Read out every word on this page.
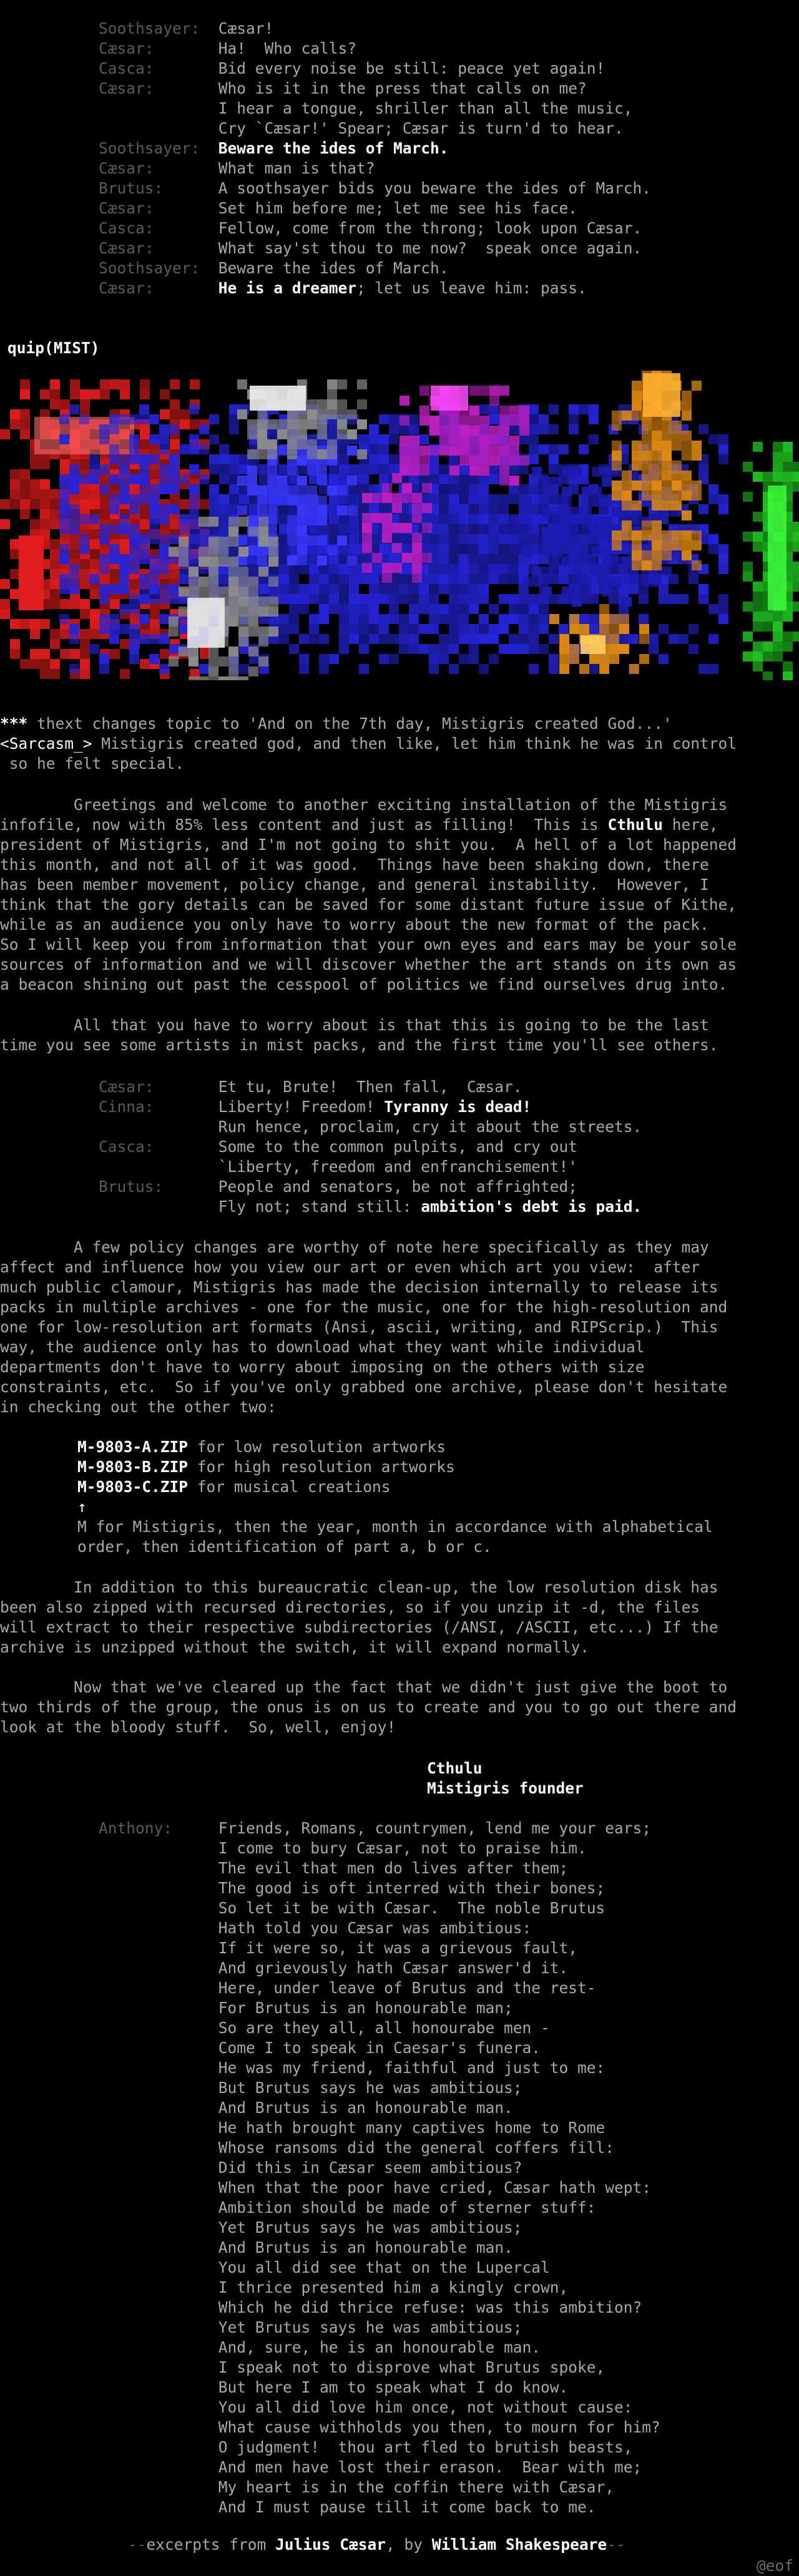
Soothsayer:  Cæsar!
Cæsar:       Ha!  Who calls?
Casca:       Bid every noise be still: peace yet again!
Cæsar:       Who is it in the press that calls on me?
I hear a tongue, shriller than all the music,
Cry `Cæsar!' Spear; Cæsar is turn'd to hear.
Soothsayer:  Beware the ides of March.
Cæsar:       What man is that?
Brutus:      A soothsayer bids you beware the ides of March.
Cæsar:       Set him before me; let me see his face.
Casca:       Fellow, come from the throng; look upon Cæsar.
Cæsar:       What say'st thou to me now?  speak once again.
Soothsayer:  Beware the ides of March.
Cæsar:       He is a dreamer; let us leave him: pass.
quip(MIST)
*** thext changes topic to 'And on the 7th day, Mistigris created God...'
<Sarcasm_> Mistigris created god, and then like, let him think he was in control
so he felt special.
Greetings and welcome to another exciting installation of the Mistigris
infofile, now with 85% less content and just as filling!  This is Cthulu here,
president of Mistigris, and I'm not going to shit you.  A hell of a lot happened
this month, and not all of it was good.  Things have been shaking down, there
has been member movement, policy change, and general instability.  However, I
think that the gory details can be saved for some distant future issue of Kithe,
while as an audience you only have to worry about the new format of the pack.
So I will keep you from information that your own eyes and ears may be your sole
sources of information and we will discover whether the art stands on its own as
a beacon shining out past the cesspool of politics we find ourselves drug into.
All that you have to worry about is that this is going to be the last
time you see some artists in mist packs, and the first time you'll see others.
Cæsar:       Et tu, Brute!  Then fall,  Cæsar.
Cinna:       Liberty! Freedom! Tyranny is dead!
Run hence, proclaim, cry it about the streets.
Casca:       Some to the common pulpits, and cry out
`Liberty, freedom and enfranchisement!'
Brutus:      People and senators, be not affrighted;
Fly not; stand still: ambition's debt is paid.
A few policy changes are worthy of note here specifically as they may
affect and influence how you view our art or even which art you view:  after
much public clamour, Mistigris has made the decision internally to release its
packs in multiple archives - one for the music, one for the high-resolution and
one for low-resolution art formats (Ansi, ascii, writing, and RIPScrip.)  This
way, the audience only has to download what they want while individual
departments don't have to worry about imposing on the others with size
constraints, etc.  So if you've only grabbed one archive, please don't hesitate
in checking out the other two:
M-9803-A.ZIP for low resolution artworks
M-9803-B.ZIP for high resolution artworks
M-9803-C.ZIP for musical creations
↑
M for Mistigris, then the year, month in accordance with alphabetical
order, then identification of part a, b or c.
In addition to this bureaucratic clean-up, the low resolution disk has
been also zipped with recursed directories, so if you unzip it -d, the files
will extract to their respective subdirectories (/ANSI, /ASCII, etc...) If the
archive is unzipped without the switch, it will expand normally.
Now that we've cleared up the fact that we didn't just give the boot to
two thirds of the group, the onus is on us to create and you to go out there and
look at the bloody stuff.  So, well, enjoy!
Cthulu
Mistigris founder
Anthony:     Friends, Romans, countrymen, lend me your ears;
I come to bury Cæsar, not to praise him.
The evil that men do lives after them;
The good is oft interred with their bones;
So let it be with Cæsar.  The noble Brutus
Hath told you Cæsar was ambitious:
If it were so, it was a grievous fault,
And grievously hath Cæsar answer'd it.
Here, under leave of Brutus and the rest-
For Brutus is an honourable man;
So are they all, all honourabe men -
Come I to speak in Caesar's funera.
He was my friend, faithful and just to me:
But Brutus says he was ambitious;
And Brutus is an honourable man.
He hath brought many captives home to Rome
Whose ransoms did the general coffers fill:
Did this in Cæsar seem ambitious?
When that the poor have cried, Cæsar hath wept:
Ambition should be made of sterner stuff:
Yet Brutus says he was ambitious;
And Brutus is an honourable man.
You all did see that on the Lupercal
I thrice presented him a kingly crown,
Which he did thrice refuse: was this ambition?
Yet Brutus says he was ambitious;
And, sure, he is an honourable man.
I speak not to disprove what Brutus spoke,
But here I am to speak what I do know.
You all did love him once, not without cause:
What cause withholds you then, to mourn for him?
O judgment!  thou art fled to brutish beasts,
And men have lost their erason.  Bear with me;
My heart is in the coffin there with Cæsar,
And I must pause till it come back to me.
--excerpts from Julius Cæsar, by William Shakespeare--
@eof
